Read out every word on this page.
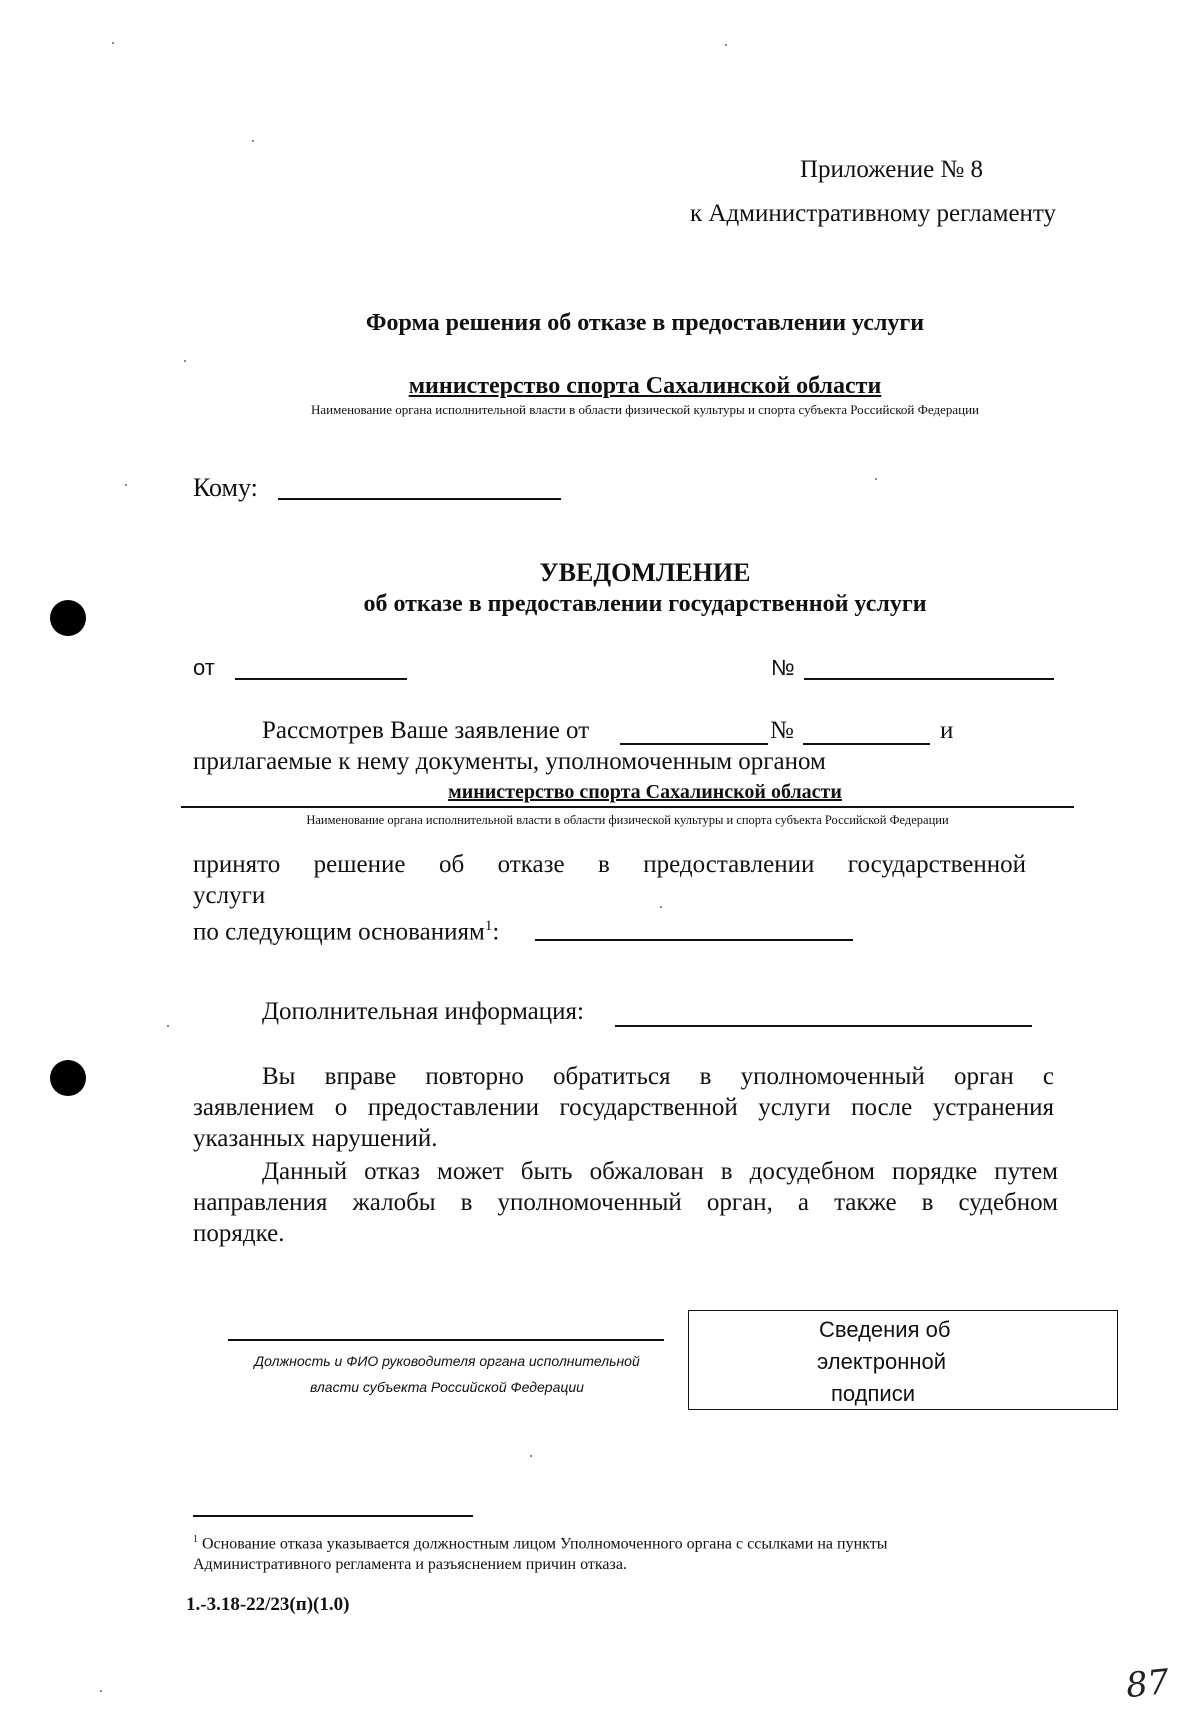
Приложение № 8
к Административному регламенту
Форма решения об отказе в предоставлении услуги
министерство спорта Сахалинской области
Наименование органа исполнительной власти в области физической культуры и спорта субъекта Российской Федерации
Кому:
УВЕДОМЛЕНИЕ
об отказе в предоставлении государственной услуги
от	№
Рассмотрев Ваше заявление от	№	и
прилагаемые к нему документы, уполномоченным органом
министерство спорта Сахалинской области
Наименование органа исполнительной власти в области физической культуры и спорта субъекта Российской Федерации
принято решение об отказе в предоставлении государственной
услуги
по следующим основаниям$^1$:
Дополнительная информация:
Вы вправе повторно обратиться в уполномоченный орган с
заявлением о предоставлении государственной услуги после устранения
указанных нарушений.
Данный отказ может быть обжалован в досудебном порядке путем
направления жалобы в уполномоченный орган, а также в судебном
порядке.
Должность и ФИО руководителя органа исполнительной
власти субъекта Российской Федерации
Сведения об
электронной
подписи
$^1$ Основание отказа указывается должностным лицом Уполномоченного органа с ссылками на пункты
Административного регламента и разъяснением причин отказа.
1.-3.18-22/23(п)(1.0)
87
